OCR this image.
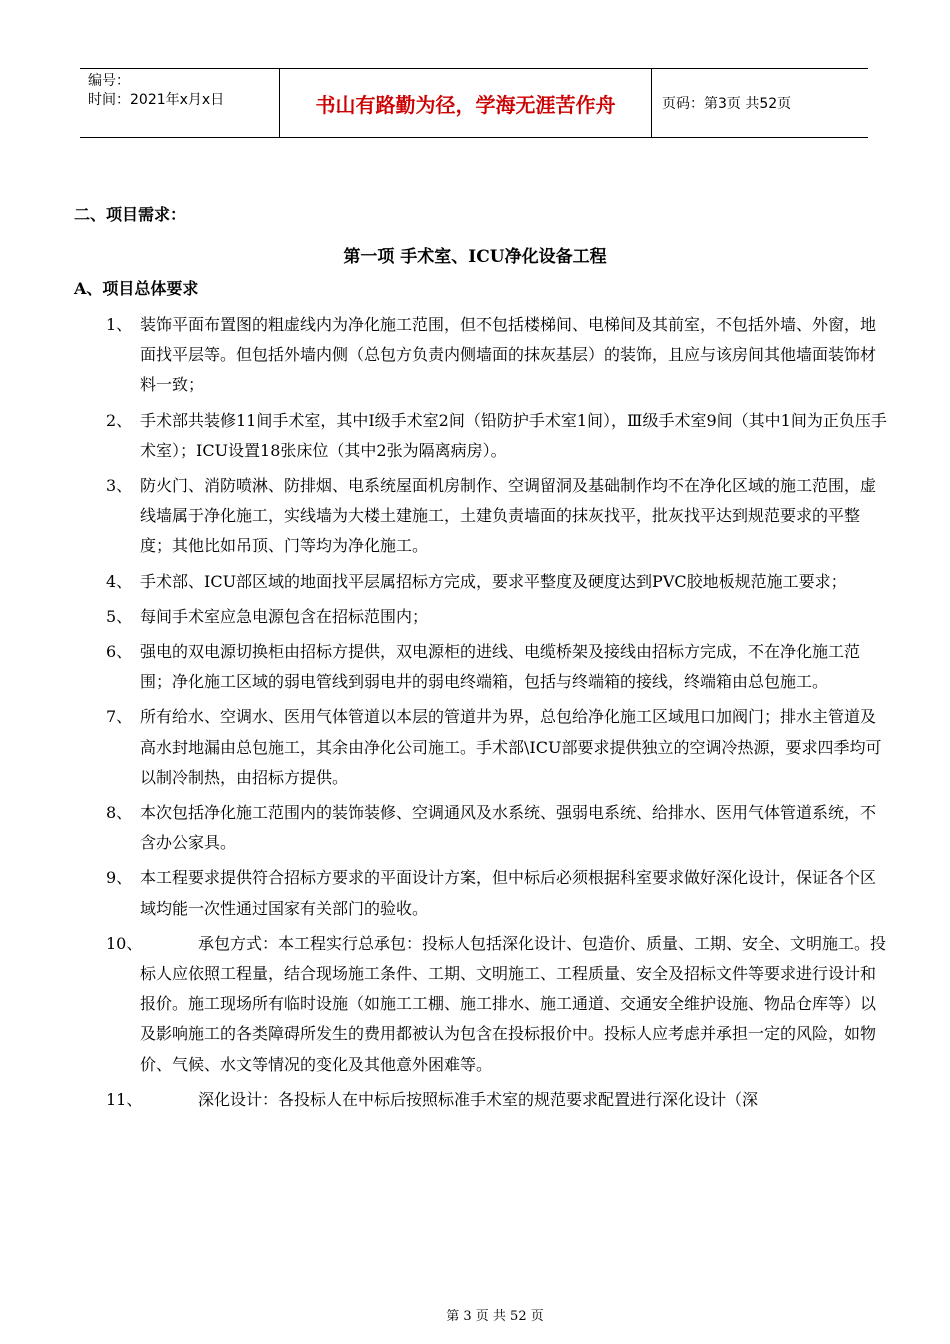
编号：
时间：2021年x月x日	书山有路勤为径，学海无涯苦作舟	页码：第3页 共52页
二、项目需求：
第一项 手术室、ICU净化设备工程
A、项目总体要求
1、 装饰平面布置图的粗虚线内为净化施工范围，但不包括楼梯间、电梯间及其前室，不包括外墙、外窗，地面找平层等。但包括外墙内侧（总包方负责内侧墙面的抹灰基层）的装饰，且应与该房间其他墙面装饰材料一致；
2、 手术部共装修11间手术室，其中Ⅰ级手术室2间（铅防护手术室1间），Ⅲ级手术室9间（其中1间为正负压手术室）；ICU设置18张床位（其中2张为隔离病房）。
3、 防火门、消防喷淋、防排烟、电系统屋面机房制作、空调留洞及基础制作均不在净化区域的施工范围，虚线墙属于净化施工，实线墙为大楼土建施工，土建负责墙面的抹灰找平，批灰找平达到规范要求的平整度；其他比如吊顶、门等均为净化施工。
4、 手术部、ICU部区域的地面找平层属招标方完成，要求平整度及硬度达到PVC胶地板规范施工要求；
5、 每间手术室应急电源包含在招标范围内；
6、 强电的双电源切换柜由招标方提供，双电源柜的进线、电缆桥架及接线由招标方完成，不在净化施工范围；净化施工区域的弱电管线到弱电井的弱电终端箱，包括与终端箱的接线，终端箱由总包施工。
7、 所有给水、空调水、医用气体管道以本层的管道井为界，总包给净化施工区域甩口加阀门；排水主管道及高水封地漏由总包施工，其余由净化公司施工。手术部\ICU部要求提供独立的空调冷热源，要求四季均可以制冷制热，由招标方提供。
8、 本次包括净化施工范围内的装饰装修、空调通风及水系统、强弱电系统、给排水、医用气体管道系统，不含办公家具。
9、 本工程要求提供符合招标方要求的平面设计方案，但中标后必须根据科室要求做好深化设计，保证各个区域均能一次性通过国家有关部门的验收。
10、	承包方式：本工程实行总承包：投标人包括深化设计、包造价、质量、工期、安全、文明施工。投标人应依照工程量，结合现场施工条件、工期、文明施工、工程质量、安全及招标文件等要求进行设计和报价。施工现场所有临时设施（如施工工棚、施工排水、施工通道、交通安全维护设施、物品仓库等）以及影响施工的各类障碍所发生的费用都被认为包含在投标报价中。投标人应考虑并承担一定的风险，如物价、气候、水文等情况的变化及其他意外困难等。
11、	深化设计：各投标人在中标后按照标准手术室的规范要求配置进行深化设计（深
第 3 页 共 52 页
